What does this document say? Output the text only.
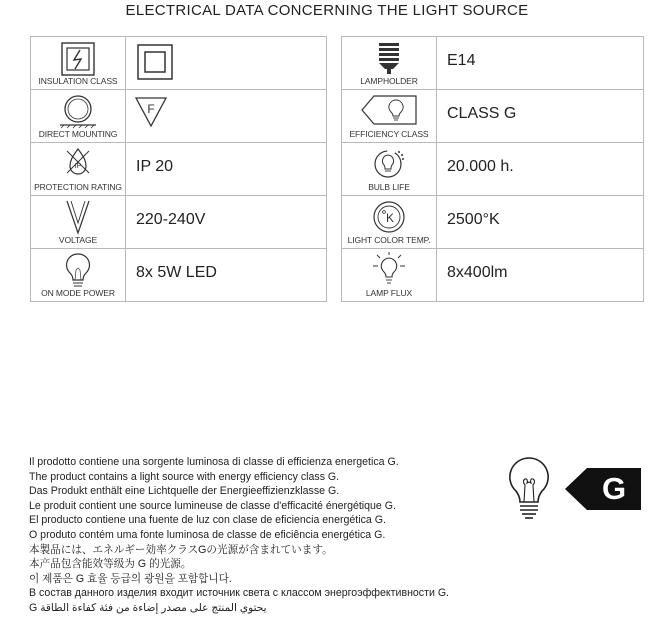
ELECTRICAL DATA CONCERNING THE LIGHT SOURCE
INSULATION CLASS

DIRECT MOUNTING	F

IP
PROTECTION RATING	IP 20

VOLTAGE	220-240V

ON MODE POWER	8x 5W LED
LAMPHOLDER	E14

EFFICIENCY CLASS	CLASS G

BULB LIFE	20.000 h.

K
LIGHT COLOR TEMP.	2500°K

LAMP FLUX	8x400lm
Il prodotto contiene una sorgente luminosa di classe di efficienza energetica G.
The product contains a light source with energy efficiency class G.
Das Produkt enthält eine Lichtquelle der Energieeffizienzklasse G.
Le produit contient une source lumineuse de classe d'efficacité énergétique G.
El producto contiene una fuente de luz con clase de eficiencia energética G.
O produto contém uma fonte luminosa de classe de eficiência energética G.
本製品には、エネルギー効率クラスGの光源が含まれています。
本产品包含能效等级为 G 的光源。
이 제품은 G 효율 등급의 광원을 포함합니다.
В состав данного изделия входит источник света с классом энергоэффективности G.
يحتوي المنتج على مصدر إضاءة من فئة كفاءة الطاقة G
G
